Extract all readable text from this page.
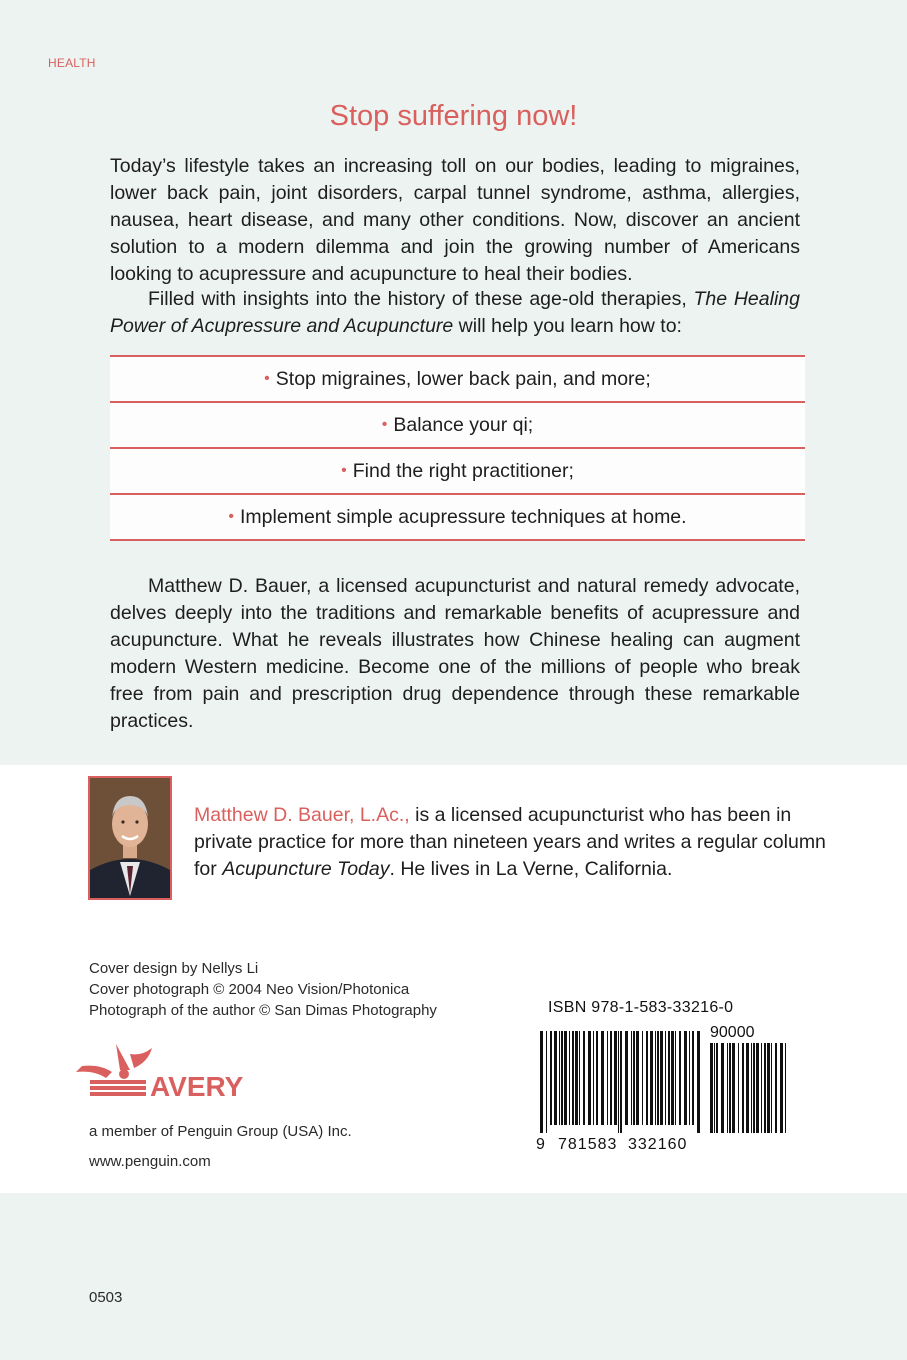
HEALTH
Stop suffering now!
Today’s lifestyle takes an increasing toll on our bodies, leading to migraines, lower back pain, joint disorders, carpal tunnel syndrome, asthma, allergies, nausea, heart disease, and many other conditions. Now, discover an ancient solution to a modern dilemma and join the growing number of Americans looking to acupressure and acupuncture to heal their bodies.
Filled with insights into the history of these age-old therapies, The Healing Power of Acupressure and Acupuncture will help you learn how to:
• Stop migraines, lower back pain, and more;
• Balance your qi;
• Find the right practitioner;
• Implement simple acupressure techniques at home.
Matthew D. Bauer, a licensed acupuncturist and natural remedy advocate, delves deeply into the traditions and remarkable benefits of acupressure and acupuncture. What he reveals illustrates how Chinese healing can augment modern Western medicine. Become one of the millions of people who break free from pain and prescription drug dependence through these remarkable practices.
Matthew D. Bauer, L.Ac., is a licensed acupuncturist who has been in private practice for more than nineteen years and writes a regular column for Acupuncture Today. He lives in La Verne, California.
Cover design by Nellys Li
Cover photograph © 2004 Neo Vision/Photonica
Photograph of the author © San Dimas Photography
AVERY
a member of Penguin Group (USA) Inc.
www.penguin.com
ISBN 978-1-583-33216-0
90000
9 781583 332160
0503
